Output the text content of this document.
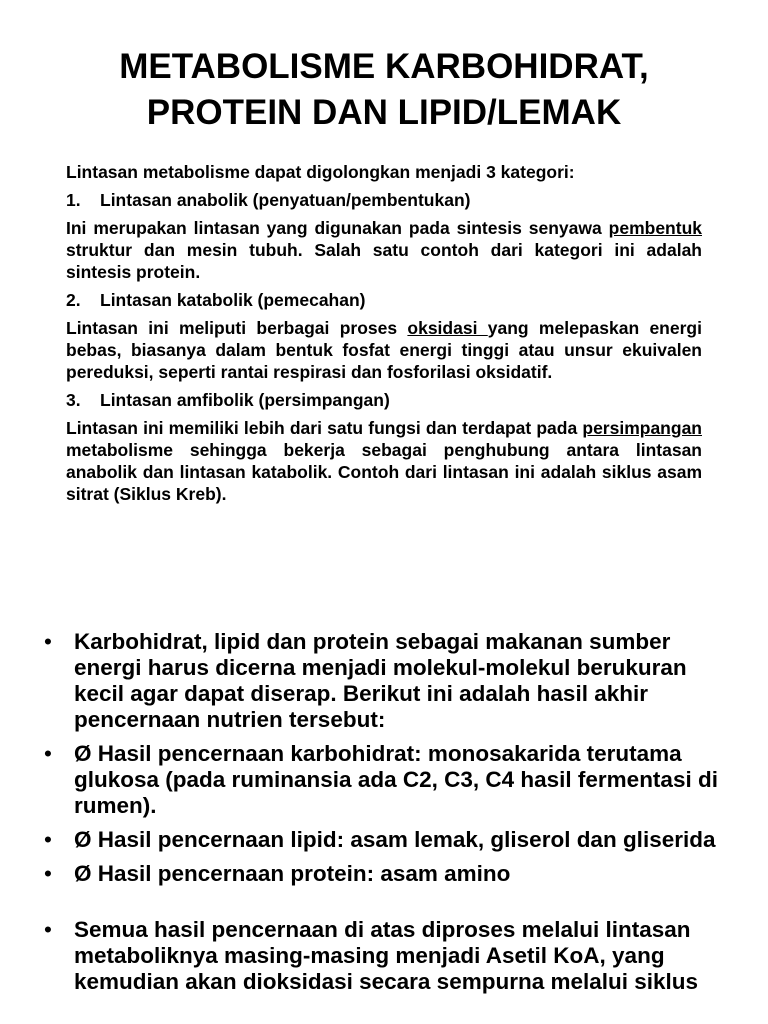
METABOLISME KARBOHIDRAT,
PROTEIN DAN LIPID/LEMAK
Lintasan metabolisme dapat digolongkan menjadi 3 kategori:
1. Lintasan anabolik (penyatuan/pembentukan)
Ini merupakan lintasan yang digunakan pada sintesis senyawa pembentuk struktur dan mesin tubuh. Salah satu contoh dari kategori ini adalah sintesis protein.
2. Lintasan katabolik (pemecahan)
Lintasan ini meliputi berbagai proses oksidasi yang melepaskan energi bebas, biasanya dalam bentuk fosfat energi tinggi atau unsur ekuivalen pereduksi, seperti rantai respirasi dan fosforilasi oksidatif.
3. Lintasan amfibolik (persimpangan)
Lintasan ini memiliki lebih dari satu fungsi dan terdapat pada persimpangan metabolisme sehingga bekerja sebagai penghubung antara lintasan anabolik dan lintasan katabolik. Contoh dari lintasan ini adalah siklus asam sitrat (Siklus Kreb).
• Karbohidrat, lipid dan protein sebagai makanan sumber energi harus dicerna menjadi molekul-molekul berukuran kecil agar dapat diserap. Berikut ini adalah hasil akhir pencernaan nutrien tersebut:
• Ø Hasil pencernaan karbohidrat: monosakarida terutama glukosa (pada ruminansia ada C2, C3, C4 hasil fermentasi di rumen).
• Ø Hasil pencernaan lipid: asam lemak, gliserol dan gliserida
• Ø Hasil pencernaan protein: asam amino
• Semua hasil pencernaan di atas diproses melalui lintasan metaboliknya masing-masing menjadi Asetil KoA, yang kemudian akan dioksidasi secara sempurna melalui siklus
